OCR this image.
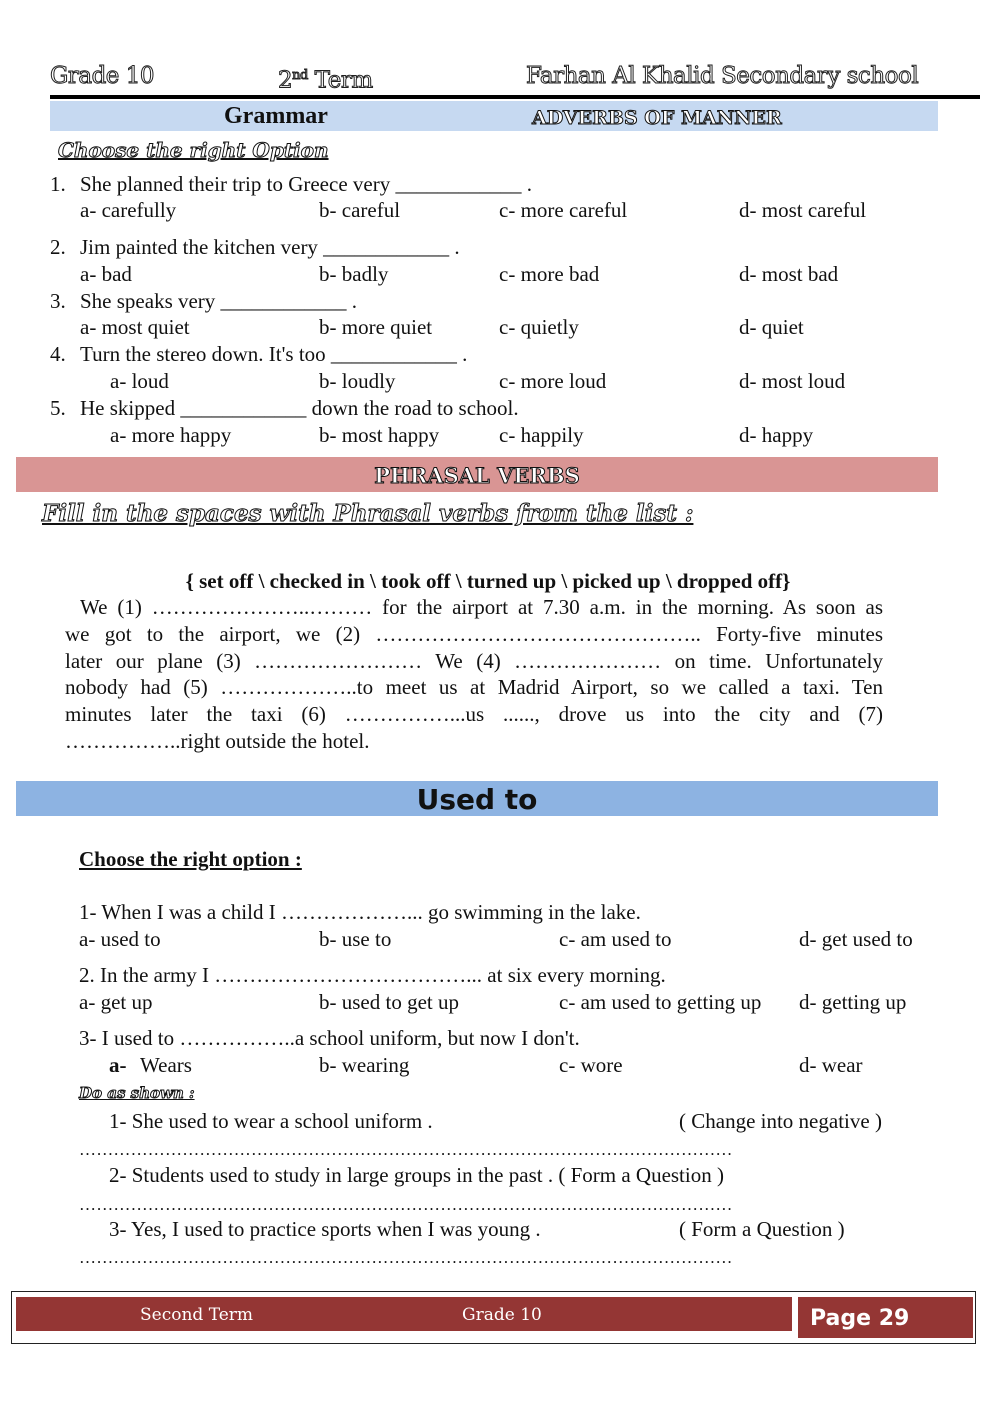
Grade 10	2nd Term	Farhan Al Khalid Secondary school
Grammar	ADVERBS OF MANNER
Choose the right Option
1. She planned their trip to Greece very ____________ .
a- carefully	b- careful	c- more careful	d- most careful
2. Jim painted the kitchen very ____________ .
a- bad	b- badly	c- more bad	d- most bad
3. She speaks very ____________ .
a- most quiet	b- more quiet	c- quietly	d- quiet
4. Turn the stereo down. It's too ____________ .
a- loud	b- loudly	c- more loud	d- most loud
5. He skipped ____________ down the road to school.
a- more happy	b- most happy	c- happily	d- happy
PHRASAL VERBS
Fill in the spaces with Phrasal verbs from the list :
{ set off \ checked in \ took off \ turned up \ picked up \ dropped off}
We (1) …………………..……… for the airport at 7.30 a.m. in the morning. As soon as
we got to the airport, we (2) ……………………………………….. Forty-five minutes
later our plane (3) …………………… We (4) ………………… on time. Unfortunately
nobody had (5) ………………..to meet us at Madrid Airport, so we called a taxi. Ten
minutes later the taxi (6) ……………...us ......, drove us into the city and (7)
……………..right outside the hotel.
Used to
Choose the right option :
1- When I was a child I ………………... go swimming in the lake.
a- used to	b- use to	c- am used to	d- get used to
2. In the army I ………………………………... at six every morning.
a- get up	b- used to get up	c- am used to getting up d- getting up
3- I used to ……………..a school uniform, but now I don't.
a- Wears	b- wearing	c- wore	d- wear
Do as shown :
1- She used to wear a school uniform .	( Change into negative )
……………………………………………………………………………………………………
2- Students used to study in large groups in the past . ( Form a Question )
……………………………………………………………………………………………………
3- Yes, I used to practice sports when I was young .	( Form a Question )
……………………………………………………………………………………………………
Second Term	Grade 10	Page 29
